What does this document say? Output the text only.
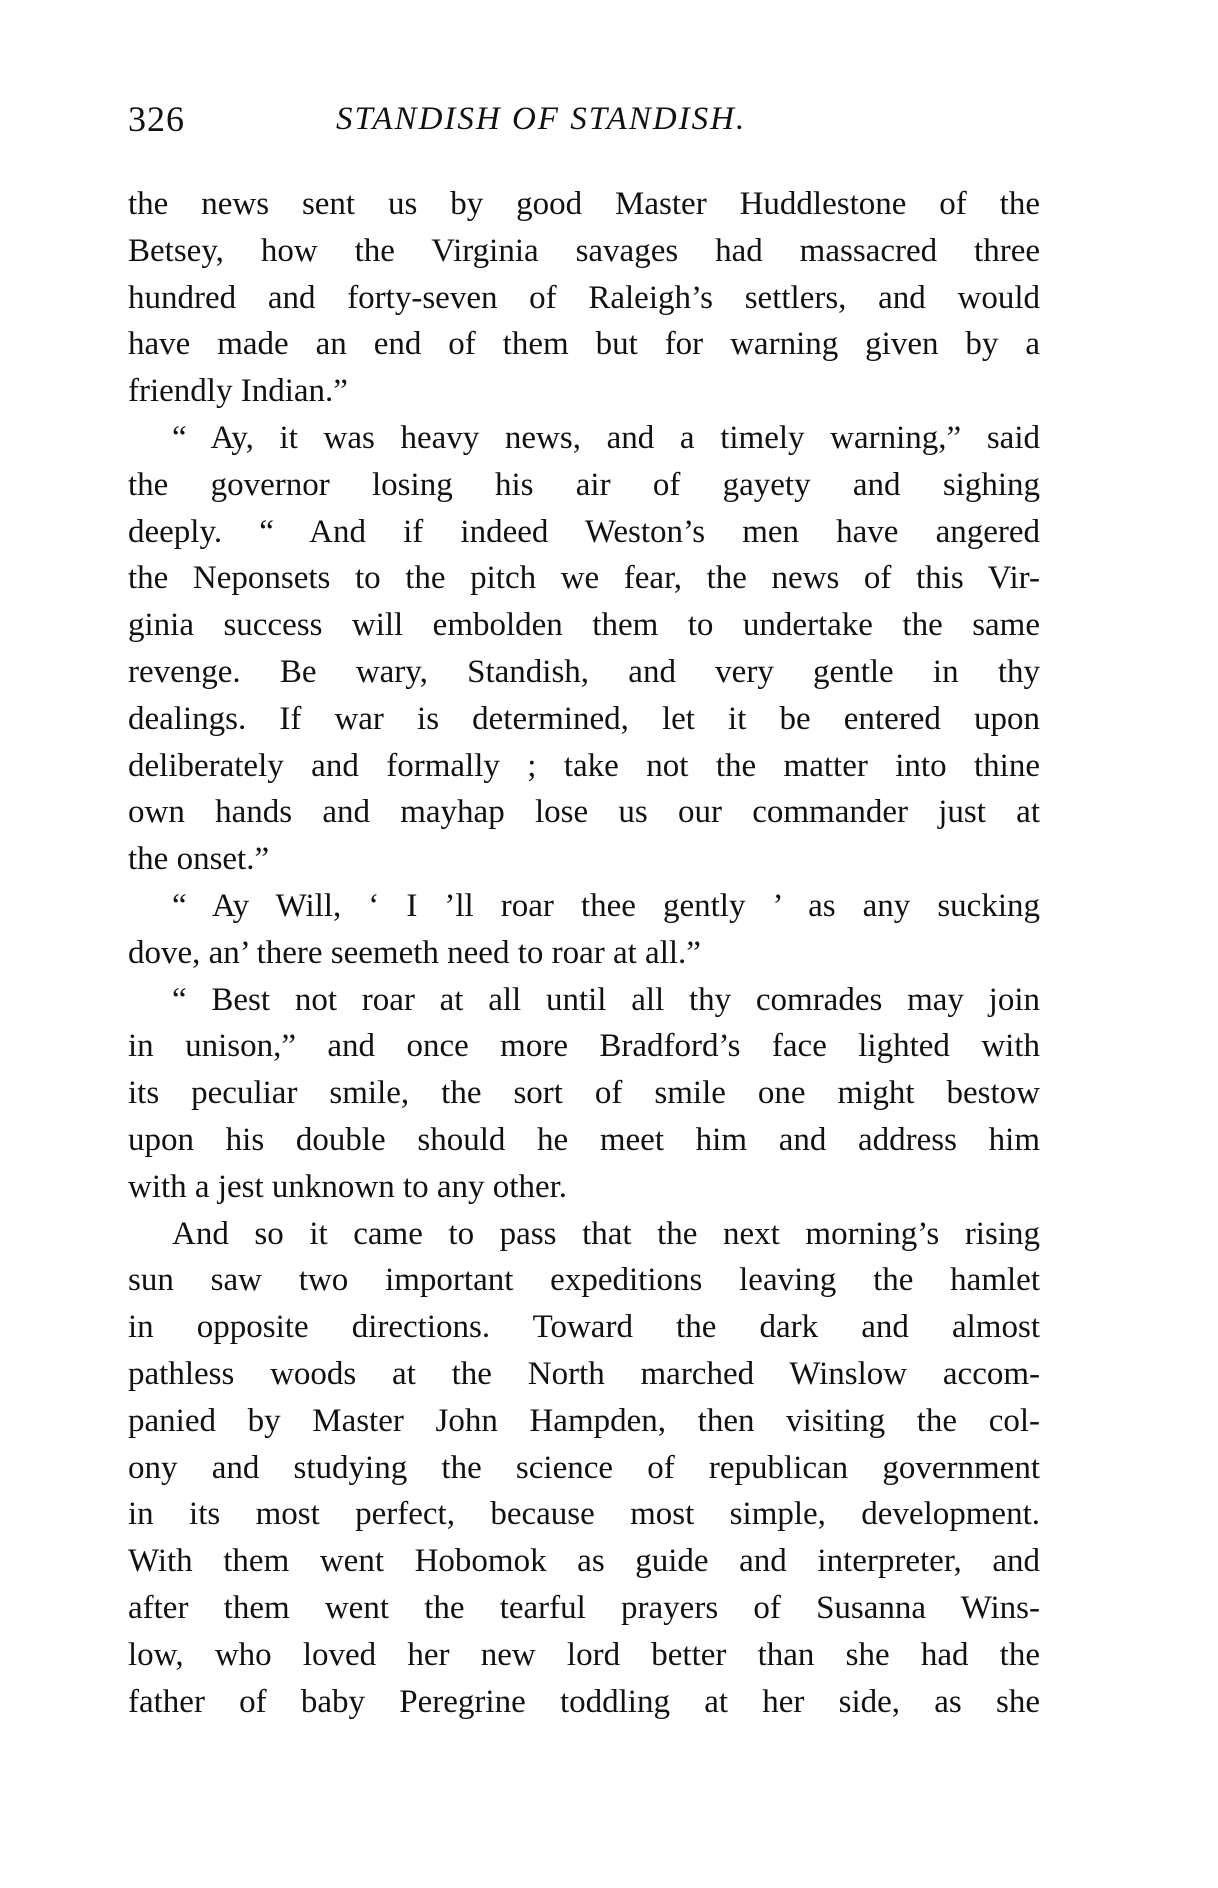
326	STANDISH OF STANDISH.
the news sent us by good Master Huddlestone of the
Betsey, how the Virginia savages had massacred three
hundred and forty-seven of Raleigh’s settlers, and would
have made an end of them but for warning given by a
friendly Indian.”
“ Ay, it was heavy news, and a timely warning,” said
the governor losing his air of gayety and sighing
deeply. “ And if indeed Weston’s men have angered
the Neponsets to the pitch we fear, the news of this Vir-
ginia success will embolden them to undertake the same
revenge. Be wary, Standish, and very gentle in thy
dealings. If war is determined, let it be entered upon
deliberately and formally ; take not the matter into thine
own hands and mayhap lose us our commander just at
the onset.”
“ Ay Will, ‘ I ’ll roar thee gently ’ as any sucking
dove, an’ there seemeth need to roar at all.”
“ Best not roar at all until all thy comrades may join
in unison,” and once more Bradford’s face lighted with
its peculiar smile, the sort of smile one might bestow
upon his double should he meet him and address him
with a jest unknown to any other.
And so it came to pass that the next morning’s rising
sun saw two important expeditions leaving the hamlet
in opposite directions. Toward the dark and almost
pathless woods at the North marched Winslow accom-
panied by Master John Hampden, then visiting the col-
ony and studying the science of republican government
in its most perfect, because most simple, development.
With them went Hobomok as guide and interpreter, and
after them went the tearful prayers of Susanna Wins-
low, who loved her new lord better than she had the
father of baby Peregrine toddling at her side, as she
